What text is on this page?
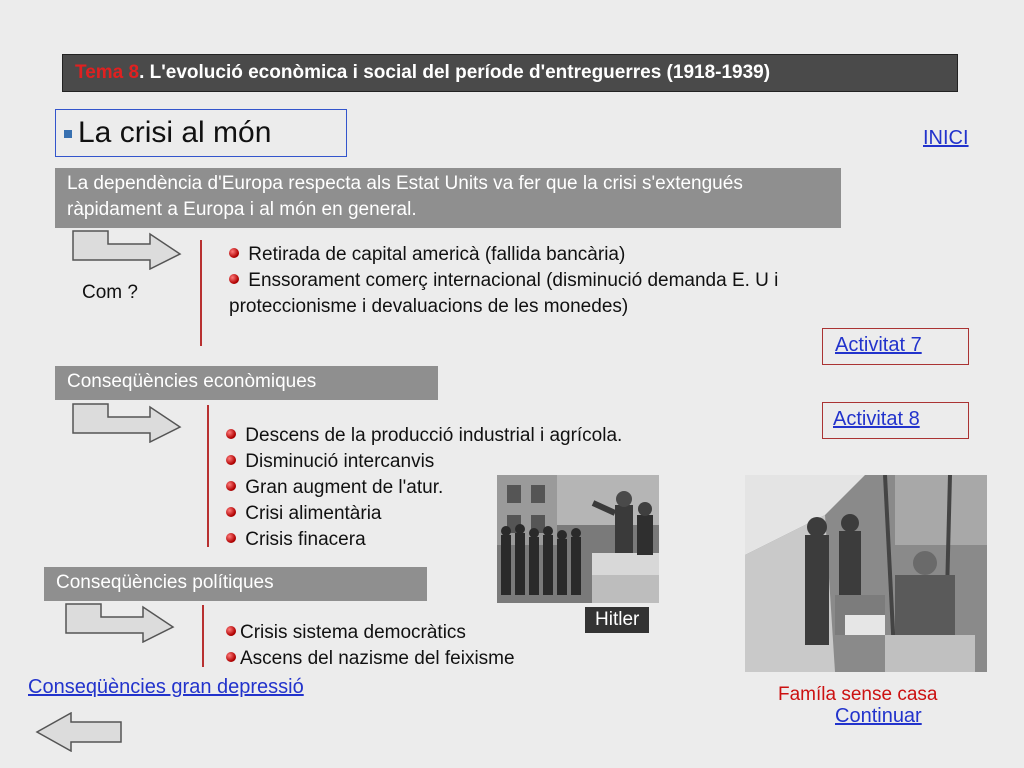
Tema 8. L'evolució econòmica i social del període d'entreguerres (1918-1939)
La crisi al món	INICI
La dependència d'Europa respecta als Estat Units va fer que la crisi s'extengués ràpidament a Europa i al món en general.
Com ?
Retirada de capital americà (fallida bancària)
Enssorament comerç internacional (disminució demanda E. U i
proteccionisme i devaluacions de les monedes)
Activitat 7
Conseqüències econòmiques
Activitat 8
Descens de la producció industrial i agrícola.
Disminució intercanvis
Gran augment de l'atur.
Crisi alimentària
Crisis finacera
Hitler
Famíla sense casa
Conseqüències polítiques
Crisis sistema democràtics
Ascens del nazisme del feixisme
Conseqüències gran depressió
Continuar
